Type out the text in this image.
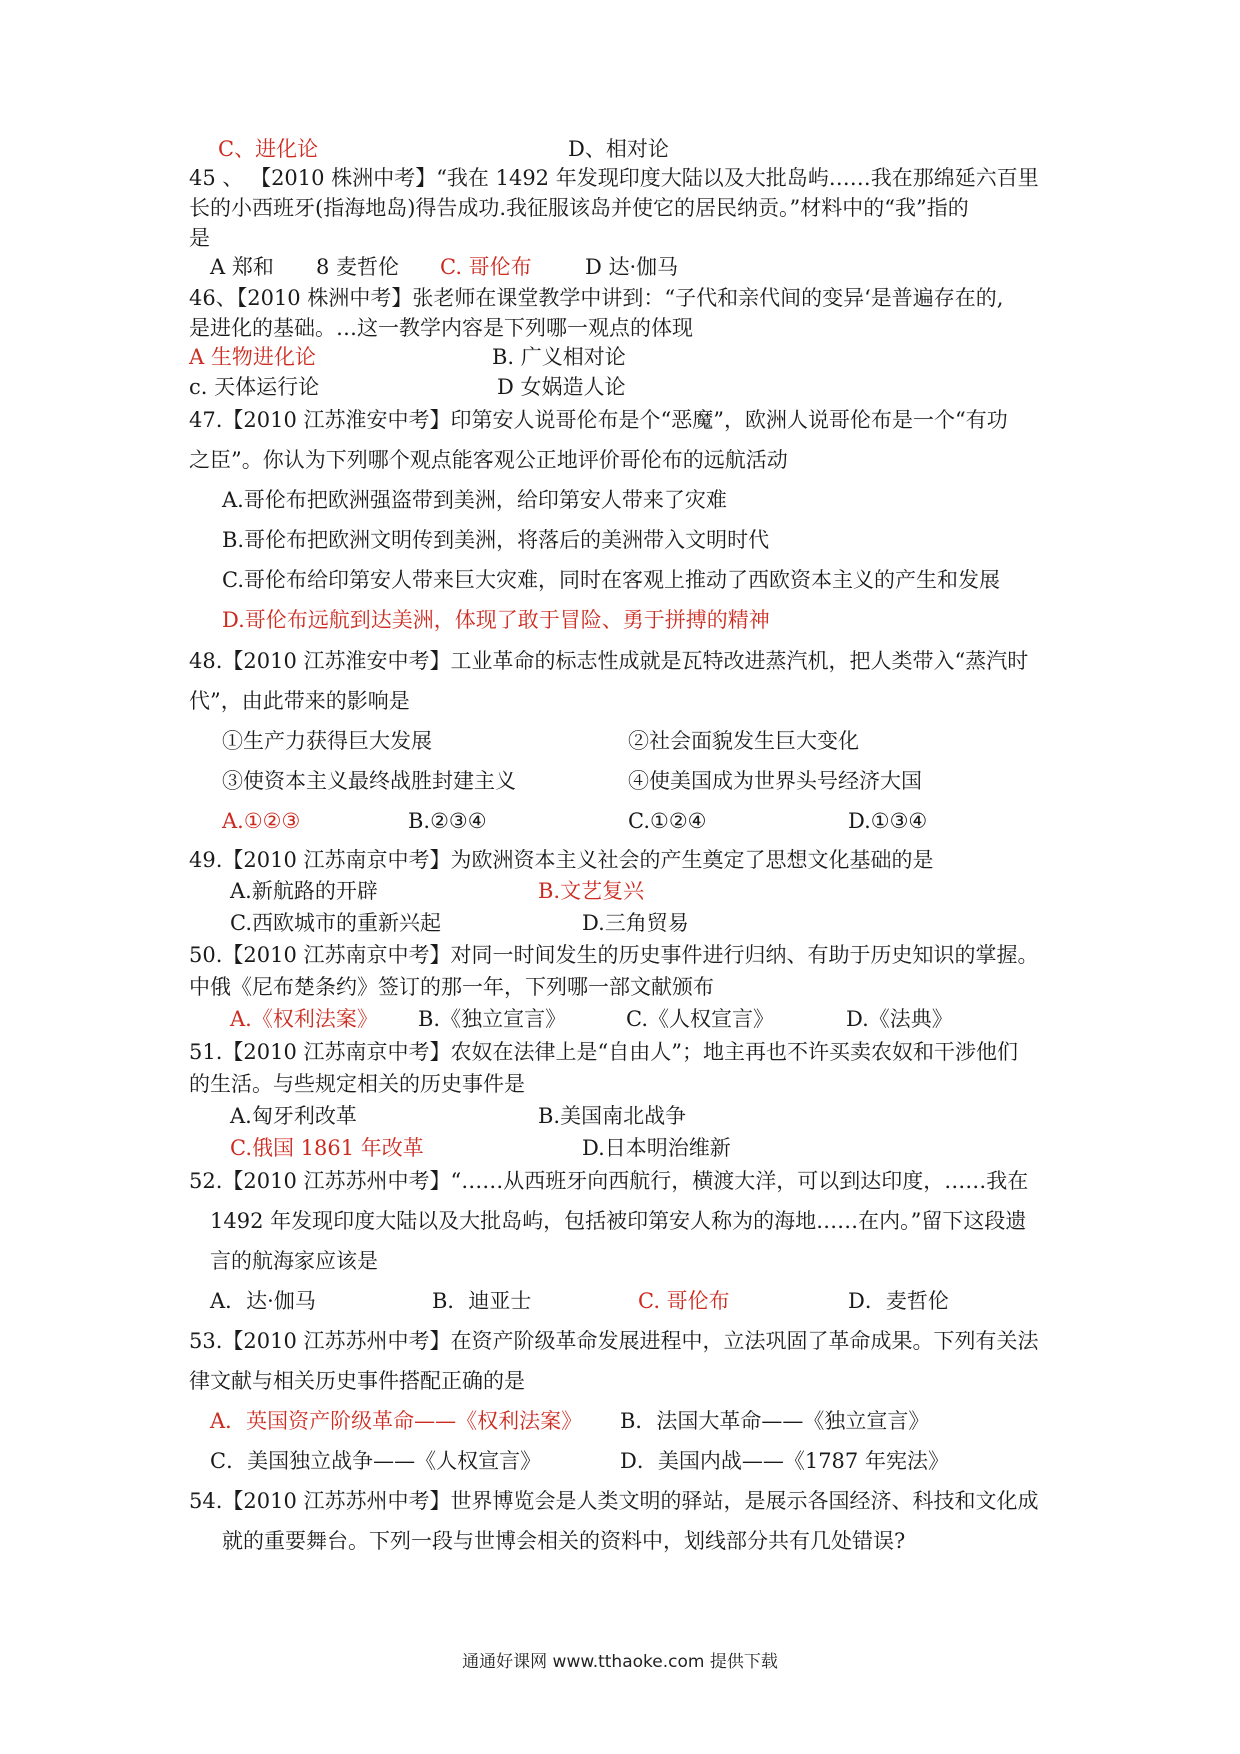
C、进化论	D、相对论
45 、 【2010 株洲中考】“我在 1492 年发现印度大陆以及大批岛屿……我在那绵延六百里
长的小西班牙(指海地岛)得告成功.我征服该岛并使它的居民纳贡。”材料中的“我”指的
是
A 郑和 8 麦哲伦 C. 哥伦布	D 达·伽马
46、【2010 株洲中考】张老师在课堂教学中讲到：“子代和亲代间的变异‘是普遍存在的,
是进化的基础。…这一教学内容是下列哪一观点的体现
A 生物进化论	B. 广义相对论
c. 天体运行论	D 女娲造人论
47.【2010 江苏淮安中考】印第安人说哥伦布是个“恶魔”，欧洲人说哥伦布是一个“有功
之臣”。你认为下列哪个观点能客观公正地评价哥伦布的远航活动
A.哥伦布把欧洲强盗带到美洲，给印第安人带来了灾难
B.哥伦布把欧洲文明传到美洲，将落后的美洲带入文明时代
C.哥伦布给印第安人带来巨大灾难，同时在客观上推动了西欧资本主义的产生和发展
D.哥伦布远航到达美洲，体现了敢于冒险、勇于拼搏的精神
48.【2010 江苏淮安中考】工业革命的标志性成就是瓦特改进蒸汽机，把人类带入“蒸汽时
代”，由此带来的影响是
①生产力获得巨大发展	②社会面貌发生巨大变化
③使资本主义最终战胜封建主义	④使美国成为世界头号经济大国
A.①②③	B.②③④	C.①②④	D.①③④
49.【2010 江苏南京中考】为欧洲资本主义社会的产生奠定了思想文化基础的是
A.新航路的开辟	B.文艺复兴
C.西欧城市的重新兴起	D.三角贸易
50.【2010 江苏南京中考】对同一时间发生的历史事件进行归纳、有助于历史知识的掌握。
中俄《尼布楚条约》签订的那一年，下列哪一部文献颁布
A.《权利法案》 B.《独立宣言》	C.《人权宣言》	D.《法典》
51.【2010 江苏南京中考】农奴在法律上是“自由人”；地主再也不许买卖农奴和干涉他们
的生活。与些规定相关的历史事件是
A.匈牙利改革	B.美国南北战争
C.俄国 1861 年改革	D.日本明治维新
52.【2010 江苏苏州中考】“……从西班牙向西航行，横渡大洋，可以到达印度，……我在
1492 年发现印度大陆以及大批岛屿，包括被印第安人称为的海地……在内。”留下这段遗
言的航海家应该是
A．达·伽马	B．迪亚士	C. 哥伦布	D．麦哲伦
53.【2010 江苏苏州中考】在资产阶级革命发展进程中，立法巩固了革命成果。下列有关法
律文献与相关历史事件搭配正确的是
A．英国资产阶级革命——《权利法案》 B．法国大革命——《独立宣言》
C．美国独立战争——《人权宣言》	D．美国内战——《1787 年宪法》
54.【2010 江苏苏州中考】世界博览会是人类文明的驿站，是展示各国经济、科技和文化成
就的重要舞台。下列一段与世博会相关的资料中，划线部分共有几处错误?
通通好课网 www.tthaoke.com 提供下载
